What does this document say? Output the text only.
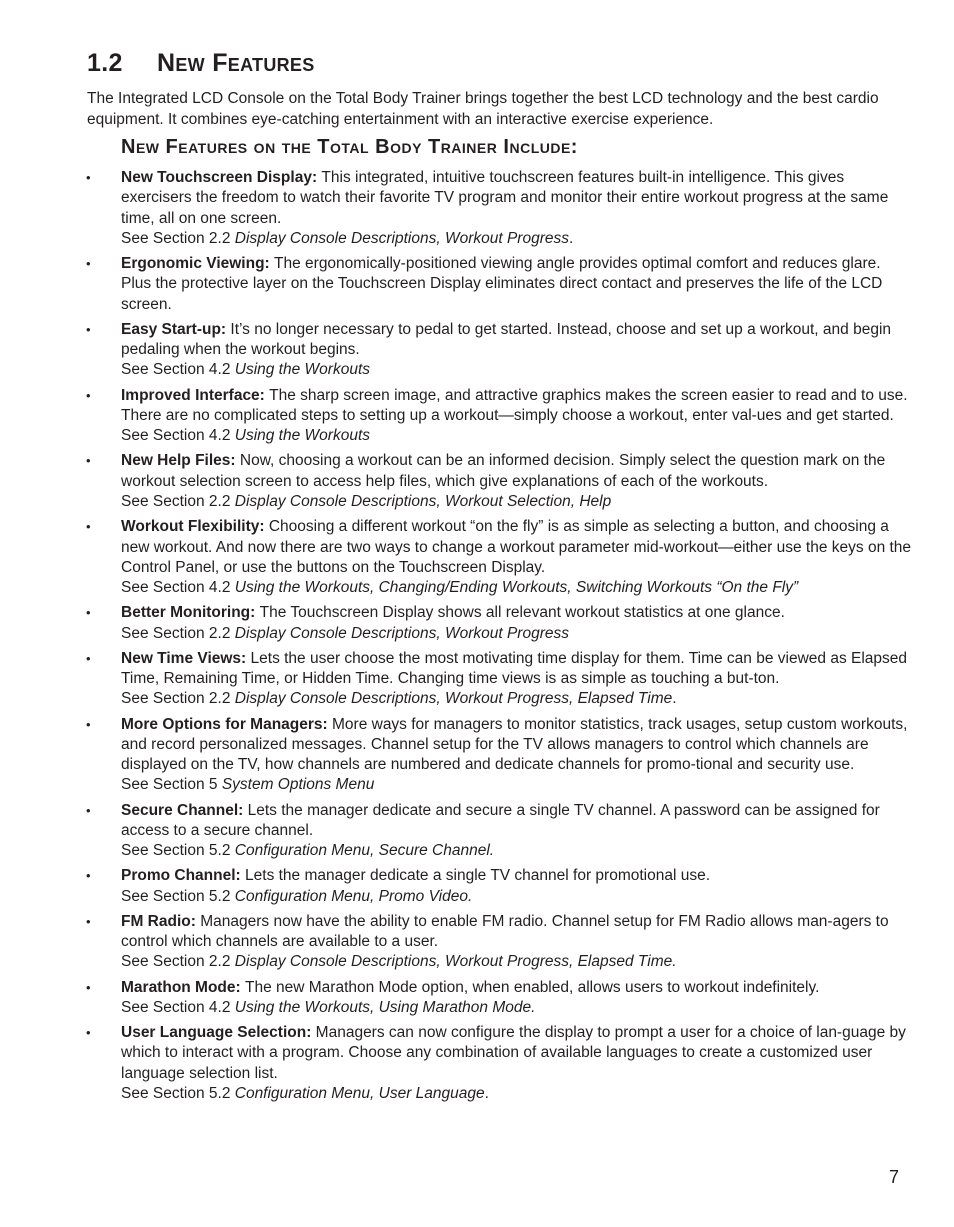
1.2 New Features

The Integrated LCD Console on the Total Body Trainer brings together the best LCD technology and the best cardio equipment. It combines eye-catching entertainment with an interactive exercise experience.

New Features on the Total Body Trainer Include:
• New Touchscreen Display: This integrated, intuitive touchscreen features built-in intelligence. This gives exercisers the freedom to watch their favorite TV program and monitor their entire workout progress at the same time, all on one screen.
See Section 2.2 Display Console Descriptions, Workout Progress.
• Ergonomic Viewing: The ergonomically-positioned viewing angle provides optimal comfort and reduces glare. Plus the protective layer on the Touchscreen Display eliminates direct contact and preserves the life of the LCD screen.
• Easy Start-up: It’s no longer necessary to pedal to get started. Instead, choose and set up a workout, and begin pedaling when the workout begins.
See Section 4.2 Using the Workouts
• Improved Interface: The sharp screen image, and attractive graphics makes the screen easier to read and to use. There are no complicated steps to setting up a workout—simply choose a workout, enter val-ues and get started.
See Section 4.2 Using the Workouts
• New Help Files: Now, choosing a workout can be an informed decision. Simply select the question mark on the workout selection screen to access help files, which give explanations of each of the workouts.
See Section 2.2 Display Console Descriptions, Workout Selection, Help
• Workout Flexibility: Choosing a different workout “on the fly” is as simple as selecting a button, and choosing a new workout. And now there are two ways to change a workout parameter mid-workout—either use the keys on the Control Panel, or use the buttons on the Touchscreen Display.
See Section 4.2 Using the Workouts, Changing/Ending Workouts, Switching Workouts “On the Fly”
• Better Monitoring: The Touchscreen Display shows all relevant workout statistics at one glance.
See Section 2.2 Display Console Descriptions, Workout Progress
• New Time Views: Lets the user choose the most motivating time display for them. Time can be viewed as Elapsed Time, Remaining Time, or Hidden Time. Changing time views is as simple as touching a but-ton.
See Section 2.2 Display Console Descriptions, Workout Progress, Elapsed Time.
• More Options for Managers: More ways for managers to monitor statistics, track usages, setup custom workouts, and record personalized messages. Channel setup for the TV allows managers to control which channels are displayed on the TV, how channels are numbered and dedicate channels for promo-tional and security use.
See Section 5 System Options Menu
• Secure Channel: Lets the manager dedicate and secure a single TV channel. A password can be assigned for access to a secure channel.
See Section 5.2 Configuration Menu, Secure Channel.
• Promo Channel: Lets the manager dedicate a single TV channel for promotional use.
See Section 5.2 Configuration Menu, Promo Video.
• FM Radio: Managers now have the ability to enable FM radio. Channel setup for FM Radio allows man-agers to control which channels are available to a user.
See Section 2.2 Display Console Descriptions, Workout Progress, Elapsed Time.
• Marathon Mode: The new Marathon Mode option, when enabled, allows users to workout indefinitely.
See Section 4.2 Using the Workouts, Using Marathon Mode.
• User Language Selection: Managers can now configure the display to prompt a user for a choice of lan-guage by which to interact with a program. Choose any combination of available languages to create a customized user language selection list.
See Section 5.2 Configuration Menu, User Language.
7
